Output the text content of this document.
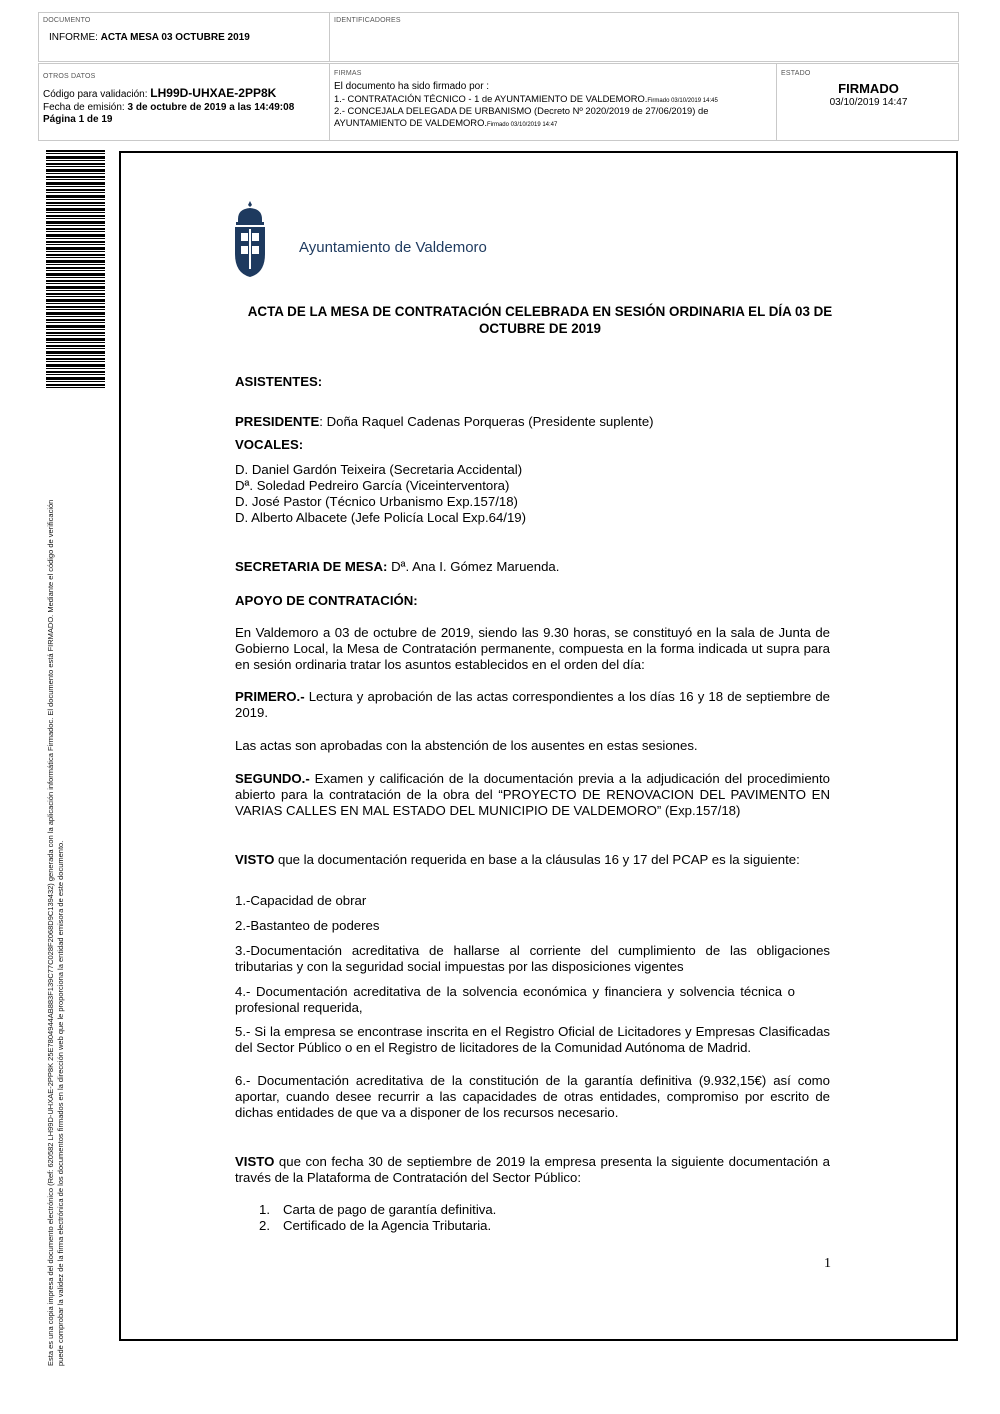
DOCUMENTO
INFORME: ACTA MESA 03 OCTUBRE 2019
IDENTIFICADORES
OTROS DATOS
Código para validación: LH99D-UHXAE-2PP8K
Fecha de emisión: 3 de octubre de 2019 a las 14:49:08
Página 1 de 19
FIRMAS
El documento ha sido firmado por :
1.- CONTRATACIÓN TÉCNICO - 1 de AYUNTAMIENTO DE VALDEMORO.Firmado 03/10/2019 14:45
2.- CONCEJALA DELEGADA DE URBANISMO (Decreto Nº 2020/2019 de 27/06/2019) de
AYUNTAMIENTO DE VALDEMORO.Firmado 03/10/2019 14:47
ESTADO
FIRMADO
03/10/2019 14:47
Esta es una copia impresa del documento electrónico (Ref: 620582 LH99D-UHXAE-2PP8K 25E7804944AB883F139C77C028F2068D9C139432) generada con la aplicación informática Firmadoc. El documento está FIRMADO. Mediante el código de verificación puede comprobar la validez de la firma electrónica de los documentos firmados en la dirección web que le proporciona la entidad emisora de este documento.
Ayuntamiento de Valdemoro
ACTA DE LA MESA DE CONTRATACIÓN CELEBRADA EN SESIÓN ORDINARIA EL DÍA 03 DE
OCTUBRE DE 2019
ASISTENTES:
PRESIDENTE: Doña Raquel Cadenas Porqueras (Presidente suplente)
VOCALES:
D. Daniel Gardón Teixeira (Secretaria Accidental)
Dª. Soledad Pedreiro García (Viceinterventora)
D. José Pastor (Técnico Urbanismo Exp.157/18)
D. Alberto Albacete (Jefe Policía Local Exp.64/19)
SECRETARIA DE MESA: Dª. Ana I. Gómez Maruenda.
APOYO DE CONTRATACIÓN:
En Valdemoro a 03 de octubre de 2019, siendo las 9.30 horas, se constituyó en la sala de Junta de Gobierno Local, la Mesa de Contratación permanente, compuesta en la forma indicada ut supra para en sesión ordinaria tratar los asuntos establecidos en el orden del día:
PRIMERO.- Lectura y aprobación de las actas correspondientes a los días 16 y 18 de septiembre de 2019.
Las actas son aprobadas con la abstención de los ausentes en estas sesiones.
SEGUNDO.- Examen y calificación de la documentación previa a la adjudicación del procedimiento abierto para la contratación de la obra del “PROYECTO DE RENOVACION DEL PAVIMENTO EN VARIAS CALLES EN MAL ESTADO DEL MUNICIPIO DE VALDEMORO” (Exp.157/18)
VISTO que la documentación requerida en base a la cláusulas 16 y 17 del PCAP es la siguiente:
1.-Capacidad de obrar
2.-Bastanteo de poderes
3.-Documentación acreditativa de hallarse al corriente del cumplimiento de las obligaciones tributarias y con la seguridad social impuestas por las disposiciones vigentes
4.- Documentación acreditativa de la solvencia económica y financiera y solvencia técnica o profesional requerida,
5.- Si la empresa se encontrase inscrita en el Registro Oficial de Licitadores y Empresas Clasificadas del Sector Público o en el Registro de licitadores de la Comunidad Autónoma de Madrid.
6.- Documentación acreditativa de la constitución de la garantía definitiva (9.932,15€) así como aportar, cuando desee recurrir a las capacidades de otras entidades, compromiso por escrito de dichas entidades de que va a disponer de los recursos necesario.
VISTO que con fecha 30 de septiembre de 2019 la empresa presenta la siguiente documentación a través de la Plataforma de Contratación del Sector Público:
1. Carta de pago de garantía definitiva.
2. Certificado de la Agencia Tributaria.
1
